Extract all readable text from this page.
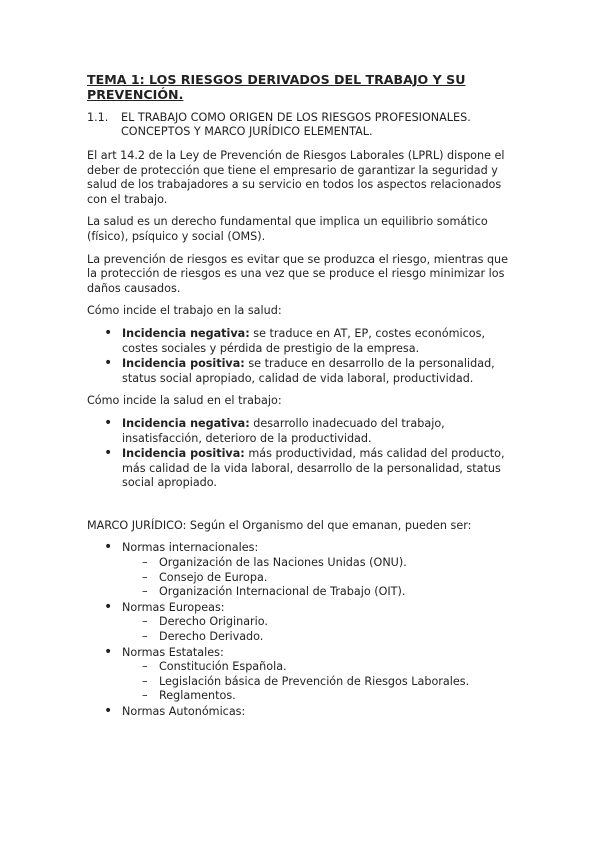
TEMA 1: LOS RIESGOS DERIVADOS DEL TRABAJO Y SU PREVENCIÓN.
1.1.	EL TRABAJO COMO ORIGEN DE LOS RIESGOS PROFESIONALES. CONCEPTOS Y MARCO JURÍDICO ELEMENTAL.

El art 14.2 de la Ley de Prevención de Riesgos Laborales (LPRL) dispone el deber de protección que tiene el empresario de garantizar la seguridad y salud de los trabajadores a su servicio en todos los aspectos relacionados con el trabajo.

La salud es un derecho fundamental que implica un equilibrio somático (físico), psíquico y social (OMS).

La prevención de riesgos es evitar que se produzca el riesgo, mientras que la protección de riesgos es una vez que se produce el riesgo minimizar los daños causados.

Cómo incide el trabajo en la salud:

• Incidencia negativa: se traduce en AT, EP, costes económicos, costes sociales y pérdida de prestigio de la empresa.
• Incidencia positiva: se traduce en desarrollo de la personalidad, status social apropiado, calidad de vida laboral, productividad.

Cómo incide la salud en el trabajo:

• Incidencia negativa: desarrollo inadecuado del trabajo, insatisfacción, deterioro de la productividad.
• Incidencia positiva: más productividad, más calidad del producto, más calidad de la vida laboral, desarrollo de la personalidad, status social apropiado.

MARCO JURÍDICO: Según el Organismo del que emanan, pueden ser:

• Normas internacionales:
– Organización de las Naciones Unidas (ONU).
– Consejo de Europa.
– Organización Internacional de Trabajo (OIT).
• Normas Europeas:
– Derecho Originario.
– Derecho Derivado.
• Normas Estatales:
– Constitución Española.
– Legislación básica de Prevención de Riesgos Laborales.
– Reglamentos.
• Normas Autonómicas:
